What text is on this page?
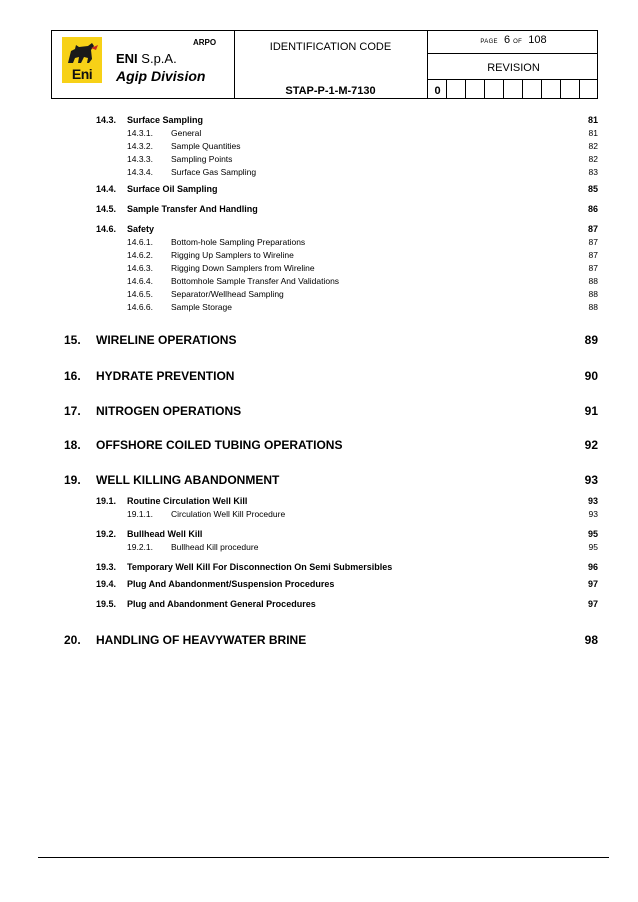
Eni
ARPO
ENI S.p.A.
Agip Division
IDENTIFICATION CODE
STAP-P-1-M-7130
PAGE 6 OF 108
REVISION
0
14.3. Surface Sampling	81
14.3.1. General	81
14.3.2. Sample Quantities	82
14.3.3. Sampling Points	82
14.3.4. Surface Gas Sampling	83
14.4. Surface Oil Sampling	85
14.5. Sample Transfer And Handling	86
14.6. Safety	87
14.6.1. Bottom-hole Sampling Preparations	87
14.6.2. Rigging Up Samplers to Wireline	87
14.6.3. Rigging Down Samplers from Wireline	87
14.6.4. Bottomhole Sample Transfer And Validations	88
14.6.5. Separator/Wellhead Sampling	88
14.6.6. Sample Storage	88
15. WIRELINE OPERATIONS	89
16. HYDRATE PREVENTION	90
17. NITROGEN OPERATIONS	91
18. OFFSHORE COILED TUBING OPERATIONS	92
19. WELL KILLING ABANDONMENT	93
19.1. Routine Circulation Well Kill	93
19.1.1. Circulation Well Kill Procedure	93
19.2. Bullhead Well Kill	95
19.2.1. Bullhead Kill procedure	95
19.3. Temporary Well Kill For Disconnection On Semi Submersibles	96
19.4. Plug And Abandonment/Suspension Procedures	97
19.5. Plug and Abandonment General Procedures	97
20. HANDLING OF HEAVYWATER BRINE	98
